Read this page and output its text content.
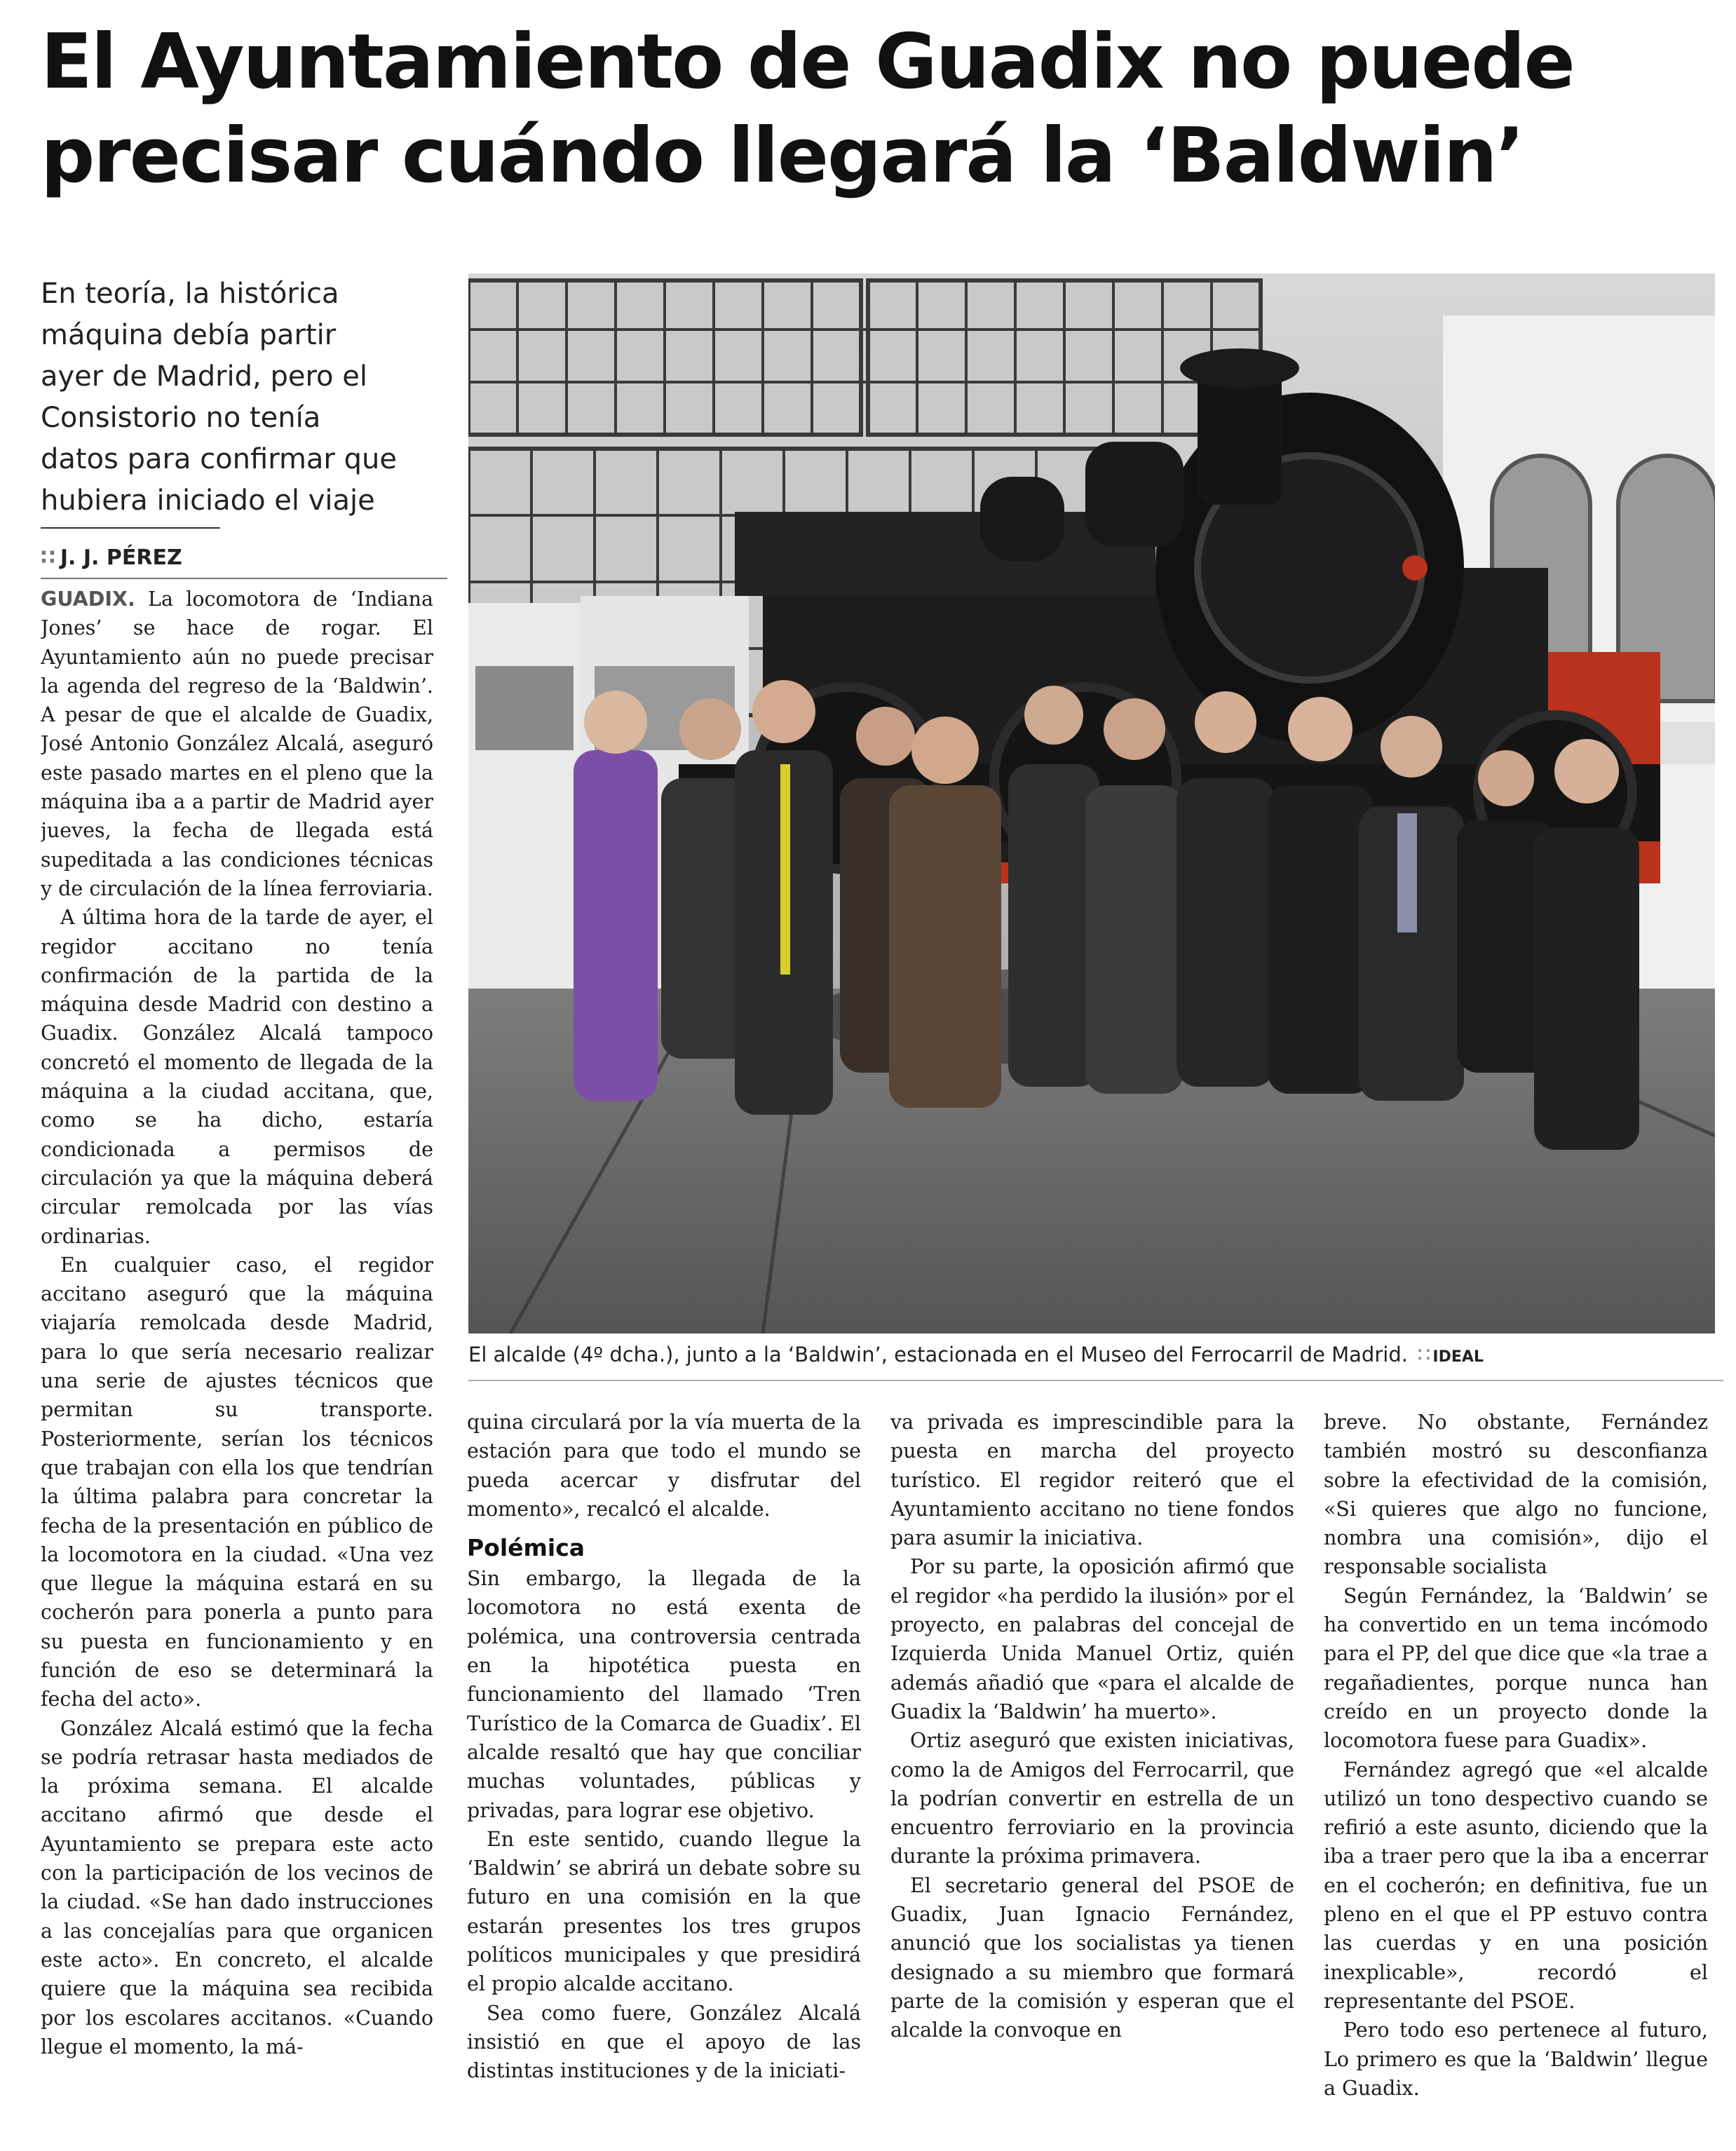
El Ayuntamiento de Guadix no puede
precisar cuándo llegará la ‘Baldwin’
En teoría, la histórica
máquina debía partir
ayer de Madrid, pero el
Consistorio no tenía
datos para confirmar que
hubiera iniciado el viaje
∷ J. J. PÉREZ

GUADIX. La locomotora de ‘Indiana Jones’ se hace de rogar. El Ayuntamiento aún no puede precisar la agenda del regreso de la ‘Baldwin’. A pesar de que el alcalde de Guadix, José Antonio González Alcalá, aseguró este pasado martes en el pleno que la máquina iba a a partir de Madrid ayer jueves, la fecha de llegada está supeditada a las condiciones técnicas y de circulación de la línea ferroviaria.

A última hora de la tarde de ayer, el regidor accitano no tenía confirmación de la partida de la máquina desde Madrid con destino a Guadix. González Alcalá tampoco concretó el momento de llegada de la máquina a la ciudad accitana, que, como se ha dicho, estaría condicionada a permisos de circulación ya que la máquina deberá circular remolcada por las vías ordinarias.

En cualquier caso, el regidor accitano aseguró que la máquina viajaría remolcada desde Madrid, para lo que sería necesario realizar una serie de ajustes técnicos que permitan su transporte. Posteriormente, serían los técnicos que trabajan con ella los que tendrían la última palabra para concretar la fecha de la presentación en público de la locomotora en la ciudad. «Una vez que llegue la máquina estará en su cocherón para ponerla a punto para su puesta en funcionamiento y en función de eso se determinará la fecha del acto».

González Alcalá estimó que la fecha se podría retrasar hasta mediados de la próxima semana. El alcalde accitano afirmó que desde el Ayuntamiento se prepara este acto con la participación de los vecinos de la ciudad. «Se han dado instrucciones a las concejalías para que organicen este acto». En concreto, el alcalde quiere que la máquina sea recibida por los escolares accitanos. «Cuando llegue el momento, la má-

El alcalde (4º dcha.), junto a la ‘Baldwin’, estacionada en el Museo del Ferrocarril de Madrid. ∷ IDEAL

quina circulará por la vía muerta de la estación para que todo el mundo se pueda acercar y disfrutar del momento», recalcó el alcalde.

Polémica

Sin embargo, la llegada de la locomotora no está exenta de polémica, una controversia centrada en la hipotética puesta en funcionamiento del llamado ‘Tren Turístico de la Comarca de Guadix’. El alcalde resaltó que hay que conciliar muchas voluntades, públicas y privadas, para lograr ese objetivo.

En este sentido, cuando llegue la ‘Baldwin’ se abrirá un debate sobre su futuro en una comisión en la que estarán presentes los tres grupos políticos municipales y que presidirá el propio alcalde accitano.

Sea como fuere, González Alcalá insistió en que el apoyo de las distintas instituciones y de la iniciati-

va privada es imprescindible para la puesta en marcha del proyecto turístico. El regidor reiteró que el Ayuntamiento accitano no tiene fondos para asumir la iniciativa.

Por su parte, la oposición afirmó que el regidor «ha perdido la ilusión» por el proyecto, en palabras del concejal de Izquierda Unida Manuel Ortiz, quién además añadió que «para el alcalde de Guadix la ‘Baldwin’ ha muerto».

Ortiz aseguró que existen iniciativas, como la de Amigos del Ferrocarril, que la podrían convertir en estrella de un encuentro ferroviario en la provincia durante la próxima primavera.

El secretario general del PSOE de Guadix, Juan Ignacio Fernández, anunció que los socialistas ya tienen designado a su miembro que formará parte de la comisión y esperan que el alcalde la convoque en

breve. No obstante, Fernández también mostró su desconfianza sobre la efectividad de la comisión, «Si quieres que algo no funcione, nombra una comisión», dijo el responsable socialista

Según Fernández, la ‘Baldwin’ se ha convertido en un tema incómodo para el PP, del que dice que «la trae a regañadientes, porque nunca han creído en un proyecto donde la locomotora fuese para Guadix».

Fernández agregó que «el alcalde utilizó un tono despectivo cuando se refirió a este asunto, diciendo que la iba a traer pero que la iba a encerrar en el cocherón; en definitiva, fue un pleno en el que el PP estuvo contra las cuerdas y en una posición inexplicable», recordó el representante del PSOE.

Pero todo eso pertenece al futuro, Lo primero es que la ‘Baldwin’ llegue a Guadix.
